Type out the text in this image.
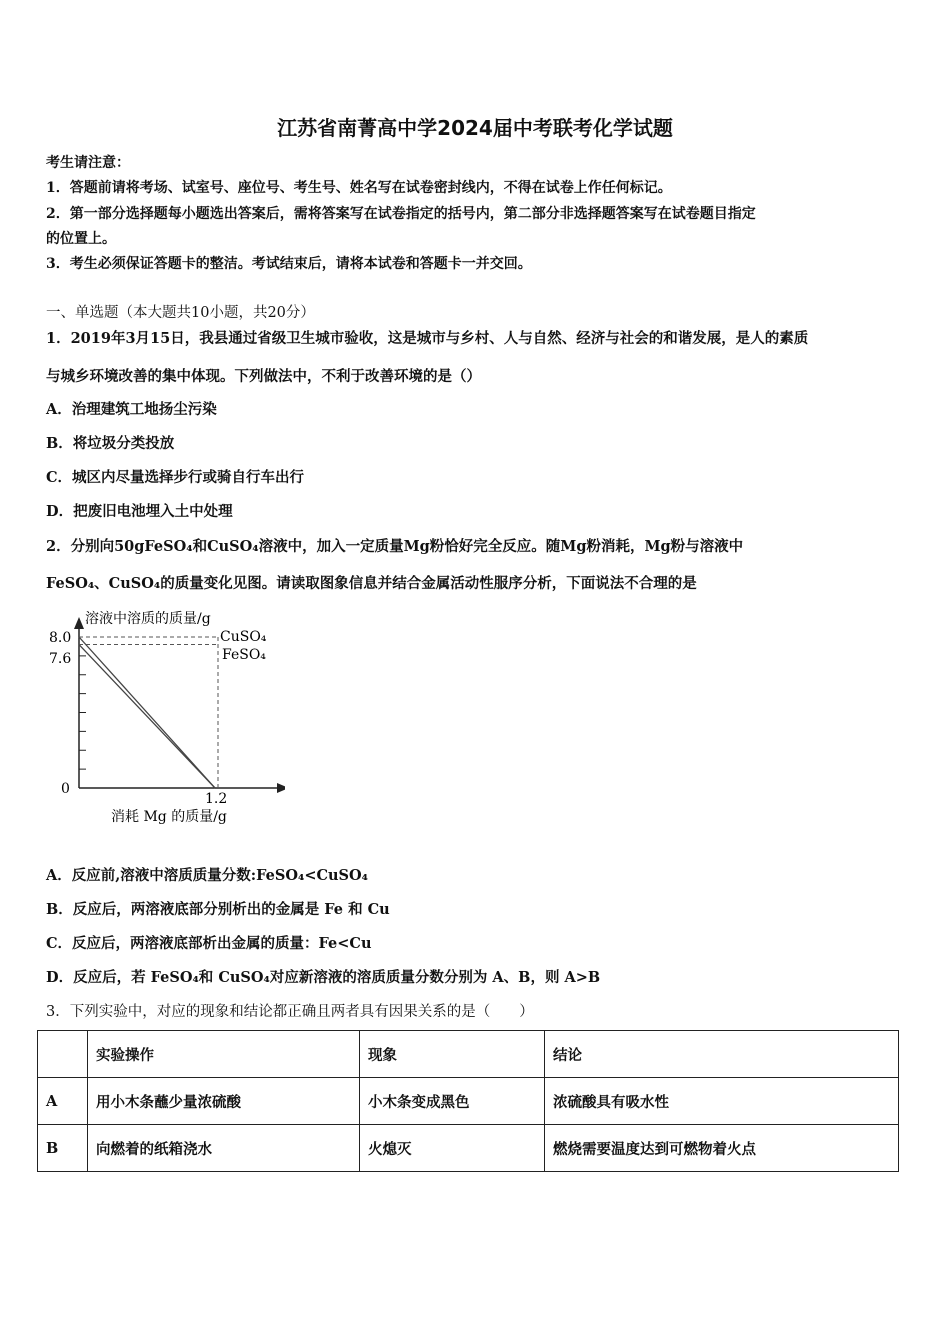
江苏省南菁高中学2024届中考联考化学试题
考生请注意：
1．答题前请将考场、试室号、座位号、考生号、姓名写在试卷密封线内，不得在试卷上作任何标记。
2．第一部分选择题每小题选出答案后，需将答案写在试卷指定的括号内，第二部分非选择题答案写在试卷题目指定
的位置上。
3．考生必须保证答题卡的整洁。考试结束后，请将本试卷和答题卡一并交回。
一、单选题（本大题共10小题，共20分）
1．2019年3月15日，我县通过省级卫生城市验收，这是城市与乡村、人与自然、经济与社会的和谐发展，是人的素质
与城乡环境改善的集中体现。下列做法中，不利于改善环境的是（）
A．治理建筑工地扬尘污染
B．将垃圾分类投放
C．城区内尽量选择步行或骑自行车出行
D．把废旧电池埋入土中处理
2．分别向50gFeSO₄和CuSO₄溶液中，加入一定质量Mg粉恰好完全反应。随Mg粉消耗，Mg粉与溶液中
FeSO₄、CuSO₄的质量变化见图。请读取图象信息并结合金属活动性服序分析，下面说法不合理的是
溶液中溶质的质量/g
消耗 Mg 的质量/g
0
8.0
7.6
1.2
CuSO₄
FeSO₄
A．反应前,溶液中溶质质量分数:FeSO₄<CuSO₄
B．反应后，两溶液底部分别析出的金属是 Fe 和 Cu
C．反应后，两溶液底部析出金属的质量：Fe<Cu
D．反应后，若 FeSO₄和 CuSO₄对应新溶液的溶质质量分数分别为 A、B，则 A>B
3．下列实验中，对应的现象和结论都正确且两者具有因果关系的是（　　）
	实验操作	现象	结论
A	用小木条蘸少量浓硫酸	小木条变成黑色	浓硫酸具有吸水性
B	向燃着的纸箱浇水	火熄灭	燃烧需要温度达到可燃物着火点
